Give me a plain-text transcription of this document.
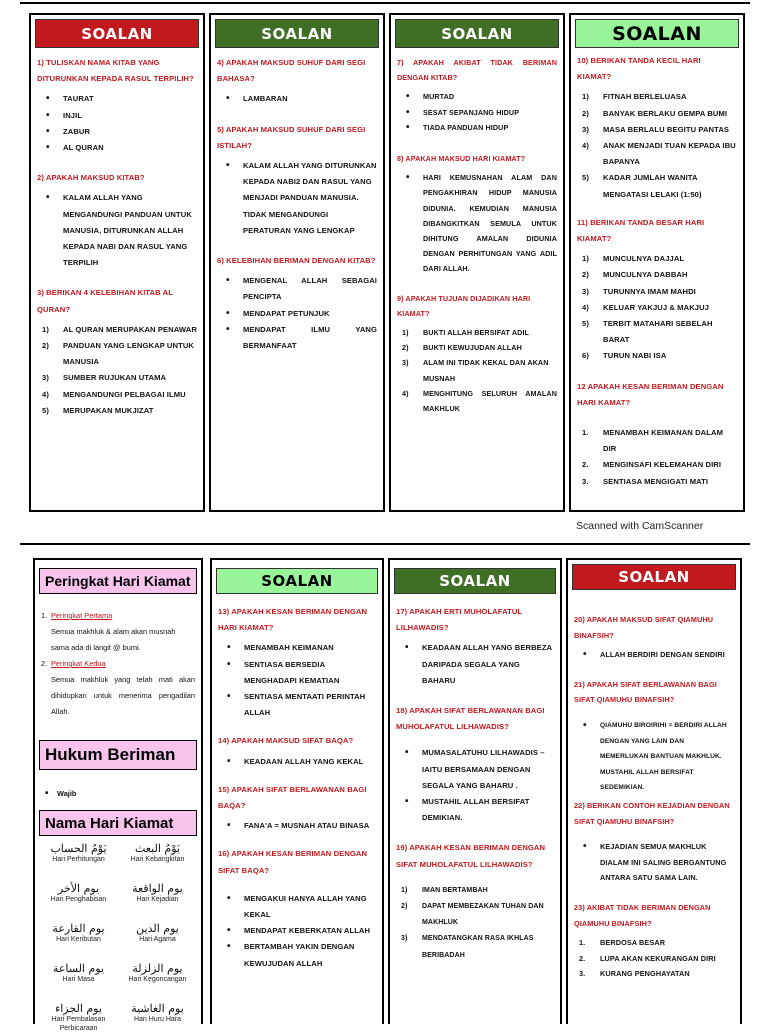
SOALAN
1) TULISKAN NAMA KITAB YANG DITURUNKAN KEPADA RASUL TERPILIH?
• TAURAT
• INJIL
• ZABUR
• AL QURAN
2) APAKAH MAKSUD KITAB?
• KALAM ALLAH YANG MENGANDUNGI PANDUAN UNTUK MANUSIA, DITURUNKAN ALLAH KEPADA NABI DAN RASUL YANG TERPILIH
3) BERIKAN 4 KELEBIHAN KITAB AL QURAN?
1) AL QURAN MERUPAKAN PENAWAR
2) PANDUAN YANG LENGKAP UNTUK MANUSIA
3) SUMBER RUJUKAN UTAMA
4) MENGANDUNGI PELBAGAI ILMU
5) MERUPAKAN MUKJIZAT
SOALAN
4) APAKAH MAKSUD SUHUF DARI SEGI BAHASA?
• LAMBARAN
5) APAKAH MAKSUD SUHUF DARI SEGI ISTILAH?
• KALAM ALLAH YANG DITURUNKAN KEPADA NABI2 DAN RASUL YANG MENJADI PANDUAN MANUSIA. TIDAK MENGANDUNGI PERATURAN YANG LENGKAP
6) KELEBIHAN BERIMAN DENGAN KITAB?
• MENGENAL ALLAH SEBAGAI PENCIPTA
• MENDAPAT PETUNJUK
• MENDAPAT ILMU YANG BERMANFAAT
SOALAN
7) APAKAH AKIBAT TIDAK BERIMAN DENGAN KITAB?
• MURTAD
• SESAT SEPANJANG HIDUP
• TIADA PANDUAN HIDUP
8) APAKAH MAKSUD HARI KIAMAT?
• HARI KEMUSNAHAN ALAM DAN PENGAKHIRAN HIDUP MANUSIA DIDUNIA. KEMUDIAN MANUSIA DIBANGKITKAN SEMULA UNTUK DIHITUNG AMALAN DIDUNIA DENGAN PERHITUNGAN YANG ADIL DARI ALLAH.
9) APAKAH TUJUAN DIJADIKAN HARI KIAMAT?
1) BUKTI ALLAH BERSIFAT ADIL
2) BUKTI KEWUJUDAN ALLAH
3) ALAM INI TIDAK KEKAL DAN AKAN MUSNAH
4) MENGHITUNG SELURUH AMALAN MAKHLUK
SOALAN
10) BERIKAN TANDA KECIL HARI KIAMAT?
1) FITNAH BERLELUASA
2) BANYAK BERLAKU GEMPA BUMI
3) MASA BERLALU BEGITU PANTAS
4) ANAK MENJADI TUAN KEPADA IBU BAPANYA
5) KADAR JUMLAH WANITA MENGATASI LELAKI (1:50)
11) BERIKAN TANDA BESAR HARI KIAMAT?
1) MUNCULNYA DAJJAL
2) MUNCULNYA DABBAH
3) TURUNNYA IMAM MAHDI
4) KELUAR YAKJUJ & MAKJUJ
5) TERBIT MATAHARI SEBELAH BARAT
6) TURUN NABI ISA
12 APAKAH KESAN BERIMAN DENGAN HARI KAMAT?
1. MENAMBAH KEIMANAN DALAM DIR
2. MENGINSAFI KELEMAHAN DIRI
3. SENTIASA MENGIGATI MATI
Scanned with CamScanner
Peringkat Hari Kiamat
1. Peringkat Pertama
Semua makhluk & alam akan musnah sama ada di langit @ bumi.
2. Peringkat Kedua
Semua makhluk yang telah mati akan dihidupkan untuk menerima pengadilan Allah.
Hukum Beriman
• Wajib
Nama Hari Kiamat
يَوْمُ الحساب
Hari Perhitungan
يَوْمُ البعث
Hari Kebangkitan
يوم الأخر
Hari Penghabisan
يوم الواقعة
Hari Kejadian
يوم القارعة
Hari Keributan
يوم الدين
Hari Agama
يوم الساعة
Hari Masa
يوم الزلزلة
Hari Kegoncangan
يوم الجزاء
Hari Pembalasan Perbicaraan
يوم الغاشية
Hari Huru Hara
SOALAN
13) APAKAH KESAN BERIMAN DENGAN HARI KIAMAT?
• MENAMBAH KEIMANAN
• SENTIASA BERSEDIA MENGHADAPI KEMATIAN
• SENTIASA MENTAATI PERINTAH ALLAH
14) APAKAH MAKSUD SIFAT BAQA?
• KEADAAN ALLAH YANG KEKAL
15) APAKAH SIFAT BERLAWANAN BAGI BAQA?
• FANA'A = MUSNAH ATAU BINASA
16) APAKAH KESAN BERIMAN DENGAN SIFAT BAQA?
• MENGAKUI HANYA ALLAH YANG KEKAL
• MENDAPAT KEBERKATAN ALLAH
• BERTAMBAH YAKIN DENGAN KEWUJUDAN ALLAH
SOALAN
17) APAKAH ERTI MUHOLAFATUL LILHAWADIS?
• KEADAAN ALLAH YANG BERBEZA DARIPADA SEGALA YANG BAHARU
18) APAKAH SIFAT BERLAWANAN BAGI MUHOLAFATUL LILHAWADIS?
• MUMASALATUHU LILHAWADIS – IAITU BERSAMAAN DENGAN SEGALA YANG BAHARU .
• MUSTAHIL ALLAH BERSIFAT DEMIKIAN.
19) APAKAH KESAN BERIMAN DENGAN SIFAT MUHOLAFATUL LILHAWADIS?
1) IMAN BERTAMBAH
2) DAPAT MEMBEZAKAN TUHAN DAN MAKHLUK
3) MENDATANGKAN RASA IKHLAS BERIBADAH
SOALAN
20) APAKAH MAKSUD SIFAT QIAMUHU BINAFSIH?
• ALLAH BERDIRI DENGAN SENDIRI
21) APAKAH SIFAT BERLAWANAN BAGI SIFAT QIAMUHU BINAFSIH?
• QIAMUHU BIROIRIHI = BERDIRI ALLAH DENGAN YANG LAIN DAN MEMERLUKAN BANTUAN MAKHLUK. MUSTAHIL ALLAH BERSIFAT SEDEMIKIAN.
22) BERIKAN CONTOH KEJADIAN DENGAN SIFAT QIAMUHU BINAFSIH?
• KEJADIAN SEMUA MAKHLUK DIALAM INI SALING BERGANTUNG ANTARA SATU SAMA LAIN.
23) AKIBAT TIDAK BERIMAN DENGAN QIAMUHU BINAFSIH?
1. BERDOSA BESAR
2. LUPA AKAN KEKURANGAN DIRI
3. KURANG PENGHAYATAN
